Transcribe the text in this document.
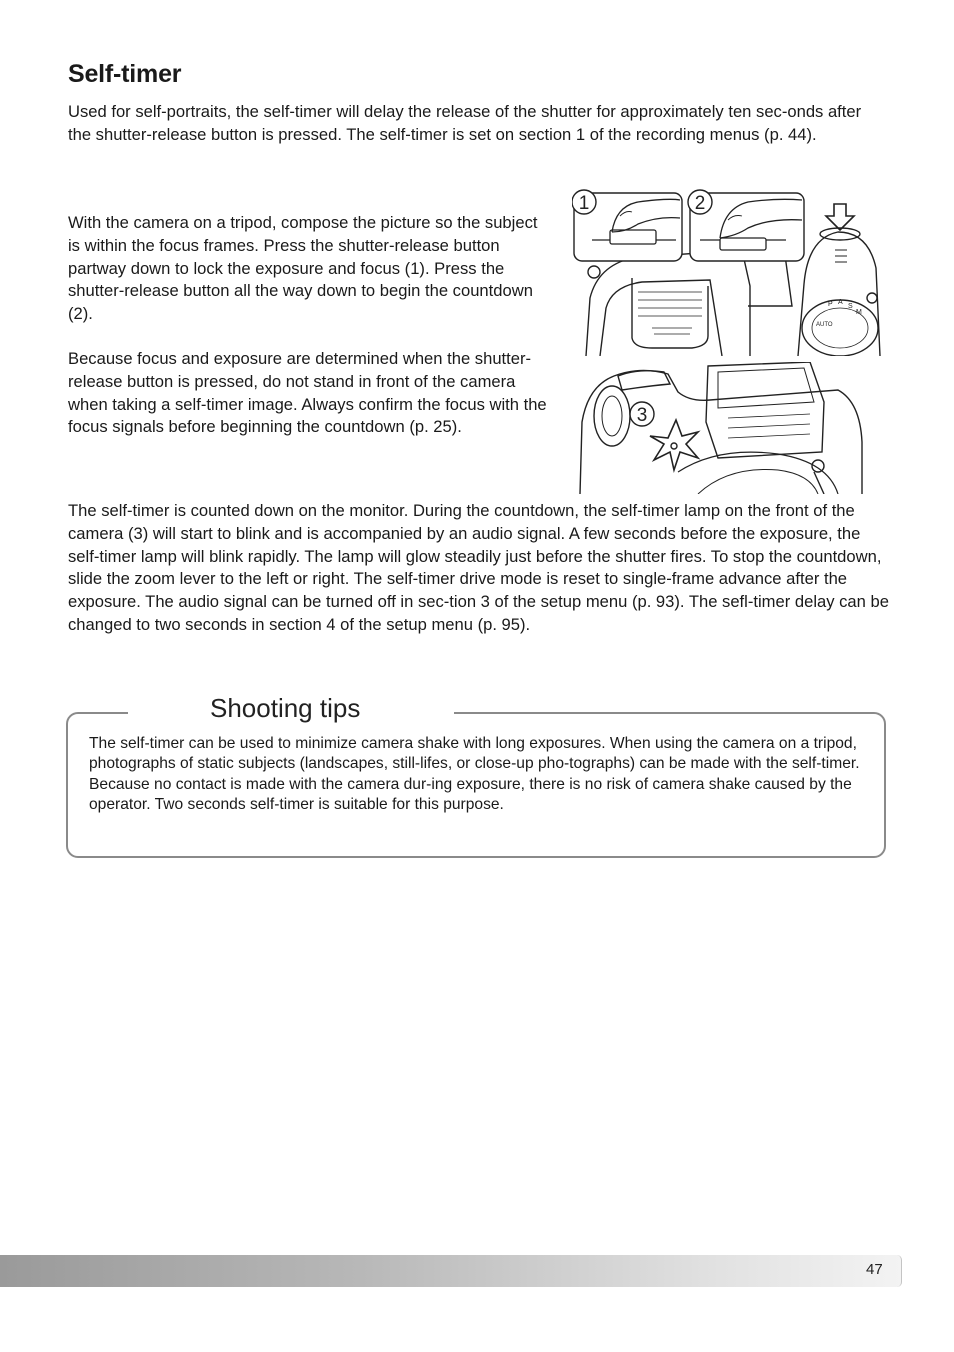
Self-timer

Used for self-portraits, the self-timer will delay the release of the shutter for approximately ten sec-onds after the shutter-release button is pressed. The self-timer is set on section 1 of the recording menus (p. 44).

With the camera on a tripod, compose the picture so the subject is within the focus frames. Press the shutter-release button partway down to lock the exposure and focus (1). Press the shutter-release button all the way down to begin the countdown (2).

Because focus and exposure are determined when the shutter-release button is pressed, do not stand in front of the camera when taking a self-timer image. Always confirm the focus with the focus signals before beginning the countdown (p. 25).

AUTO
P A
S
M
1	2
3

The self-timer is counted down on the monitor. During the countdown, the self-timer lamp on the front of the camera (3) will start to blink and is accompanied by an audio signal. A few seconds before the exposure, the self-timer lamp will blink rapidly. The lamp will glow steadily just before the shutter fires. To stop the countdown, slide the zoom lever to the left or right. The self-timer drive mode is reset to single-frame advance after the exposure. The audio signal can be turned off in sec-tion 3 of the setup menu (p. 93). The sefl-timer delay can be changed to two seconds in section 4 of the setup menu (p. 95).

Shooting tips

The self-timer can be used to minimize camera shake with long exposures. When using the camera on a tripod, photographs of static subjects (landscapes, still-lifes, or close-up pho-tographs) can be made with the self-timer. Because no contact is made with the camera dur-ing exposure, there is no risk of camera shake caused by the operator. Two seconds self-timer is suitable for this purpose.

47
